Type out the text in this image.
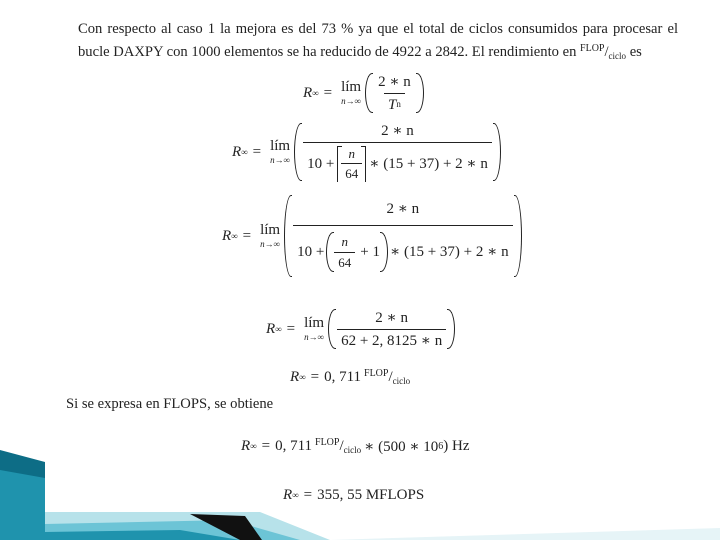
Con respecto al caso 1 la mejora es del 73 % ya que el total de ciclos consumidos para procesar el bucle DAXPY con 1000 elementos se ha reducido de 4922 a 2842. El rendimiento en $^{FLOP}/_{ciclo}$ es
R ∞ = lím
$n\to\infty \frac{2 ∗ n}{\text{T n}}$
R ∞ = lím
n→∞
2 ∗ n
$10 + \frac{n}{64}$ ∗ (15 + 37) + 2 ∗ n
R ∞ = lím
n→∞
2 ∗ n
$10 + \frac{n}{64} + 1$ ∗ (15 + 37) + 2 ∗ n
R ∞ = lím
$n\to\infty \frac{2 ∗ n}{62 + 2, 8125 ∗ n}$
R ∞ = 0, 711 $^{FLOP}/_{ciclo}$
Si se expresa en FLOPS, se obtiene
R ∞ = 0, 711 $^{FLOP}/_{ciclo}$ ∗ (500 ∗ 10 6 ) Hz
R ∞ = 355, 55 MFLOPS
